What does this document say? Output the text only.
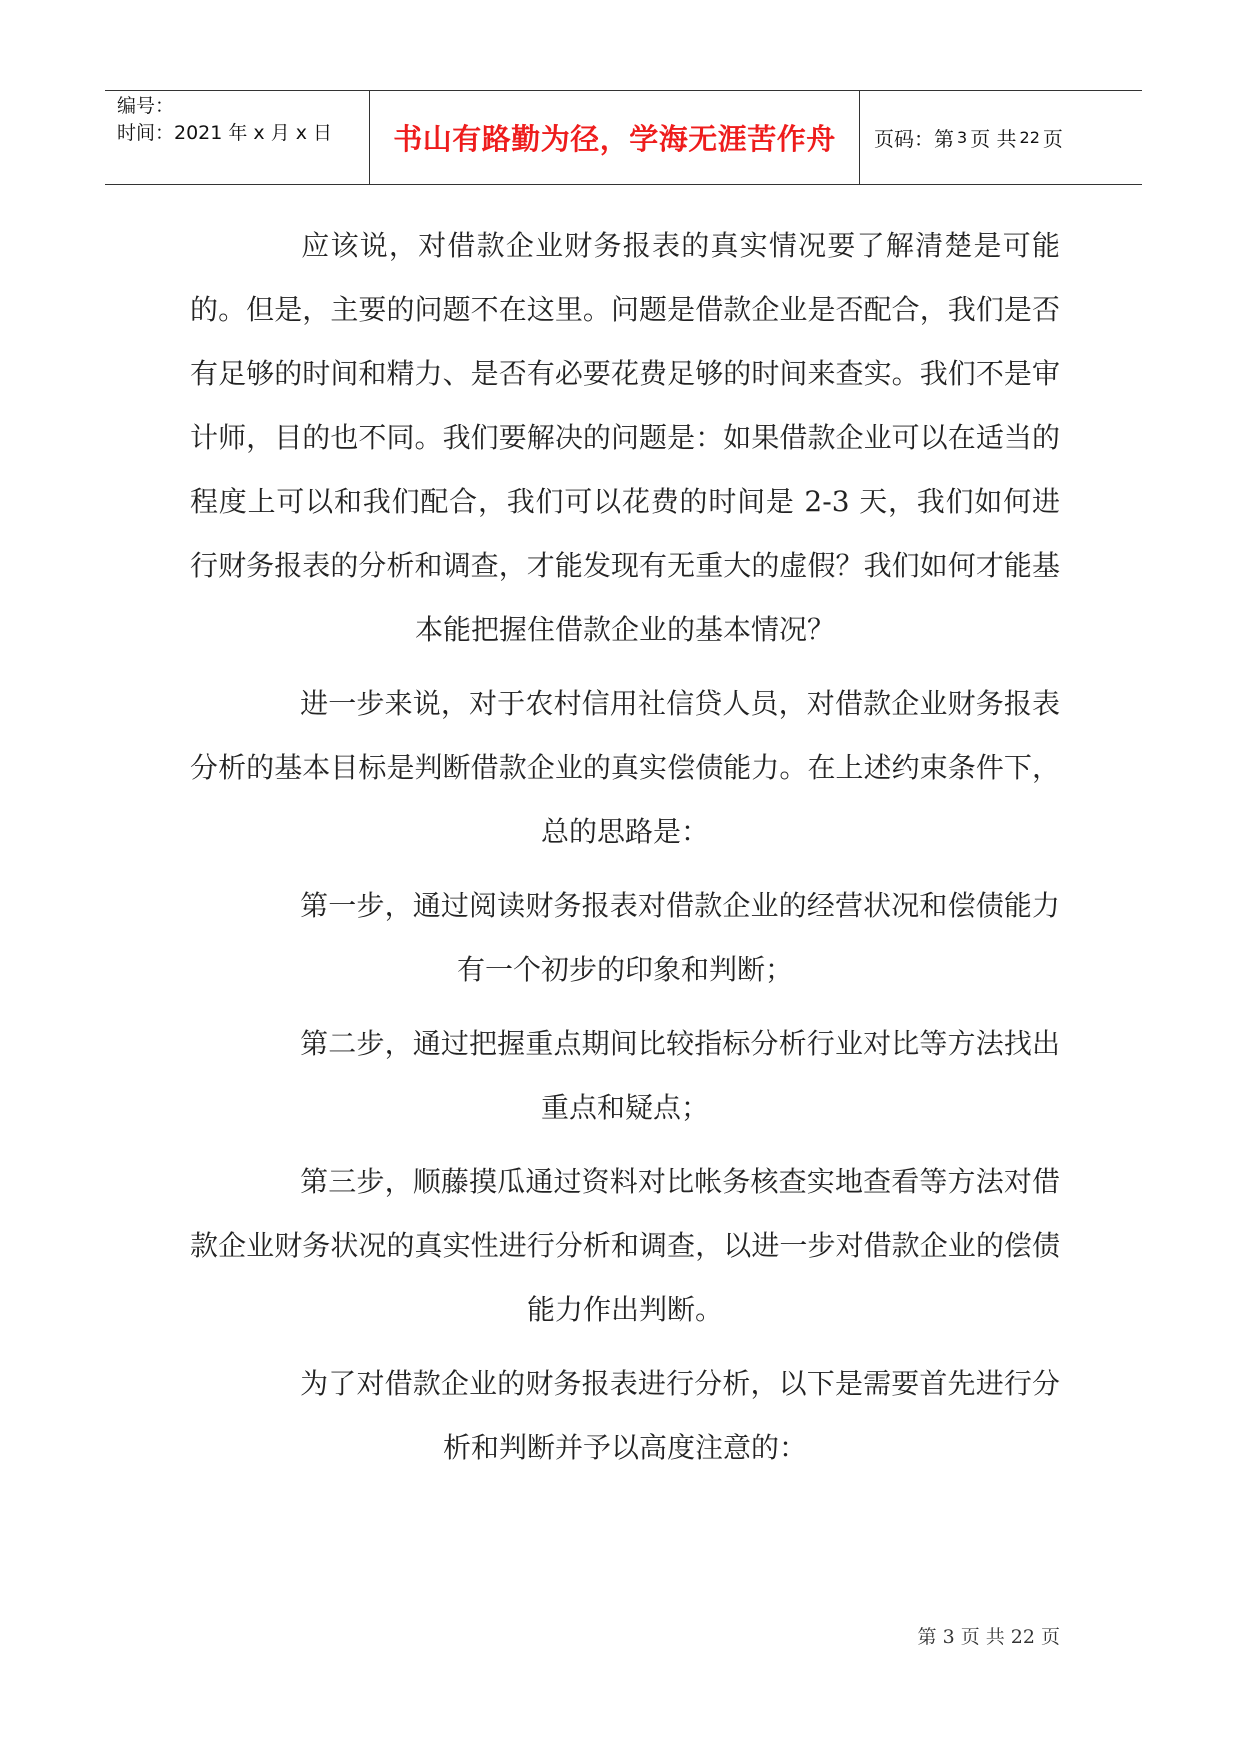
编号：
时间：2021 年 x 月 x 日	书山有路勤为径，学海无涯苦作舟 页码：第 3 页 共 22 页

应该说，对借款企业财务报表的真实情况要了解清楚是可能的。但是，主要的问题不在这里。问题是借款企业是否配合，我们是否有足够的时间和精力、是否有必要花费足够的时间来查实。我们不是审计师，目的也不同。我们要解决的问题是：如果借款企业可以在适当的程度上可以和我们配合，我们可以花费的时间是 2-3 天，我们如何进行财务报表的分析和调查，才能发现有无重大的虚假？我们如何才能基本能把握住借款企业的基本情况？

进一步来说，对于农村信用社信贷人员，对借款企业财务报表分析的基本目标是判断借款企业的真实偿债能力。在上述约束条件下，总的思路是：

第一步，通过阅读财务报表对借款企业的经营状况和偿债能力有一个初步的印象和判断；

第二步，通过把握重点期间比较指标分析行业对比等方法找出重点和疑点；

第三步，顺藤摸瓜通过资料对比帐务核查实地查看等方法对借款企业财务状况的真实性进行分析和调查，以进一步对借款企业的偿债能力作出判断。

为了对借款企业的财务报表进行分析，以下是需要首先进行分析和判断并予以高度注意的：

第 3 页 共 22 页
